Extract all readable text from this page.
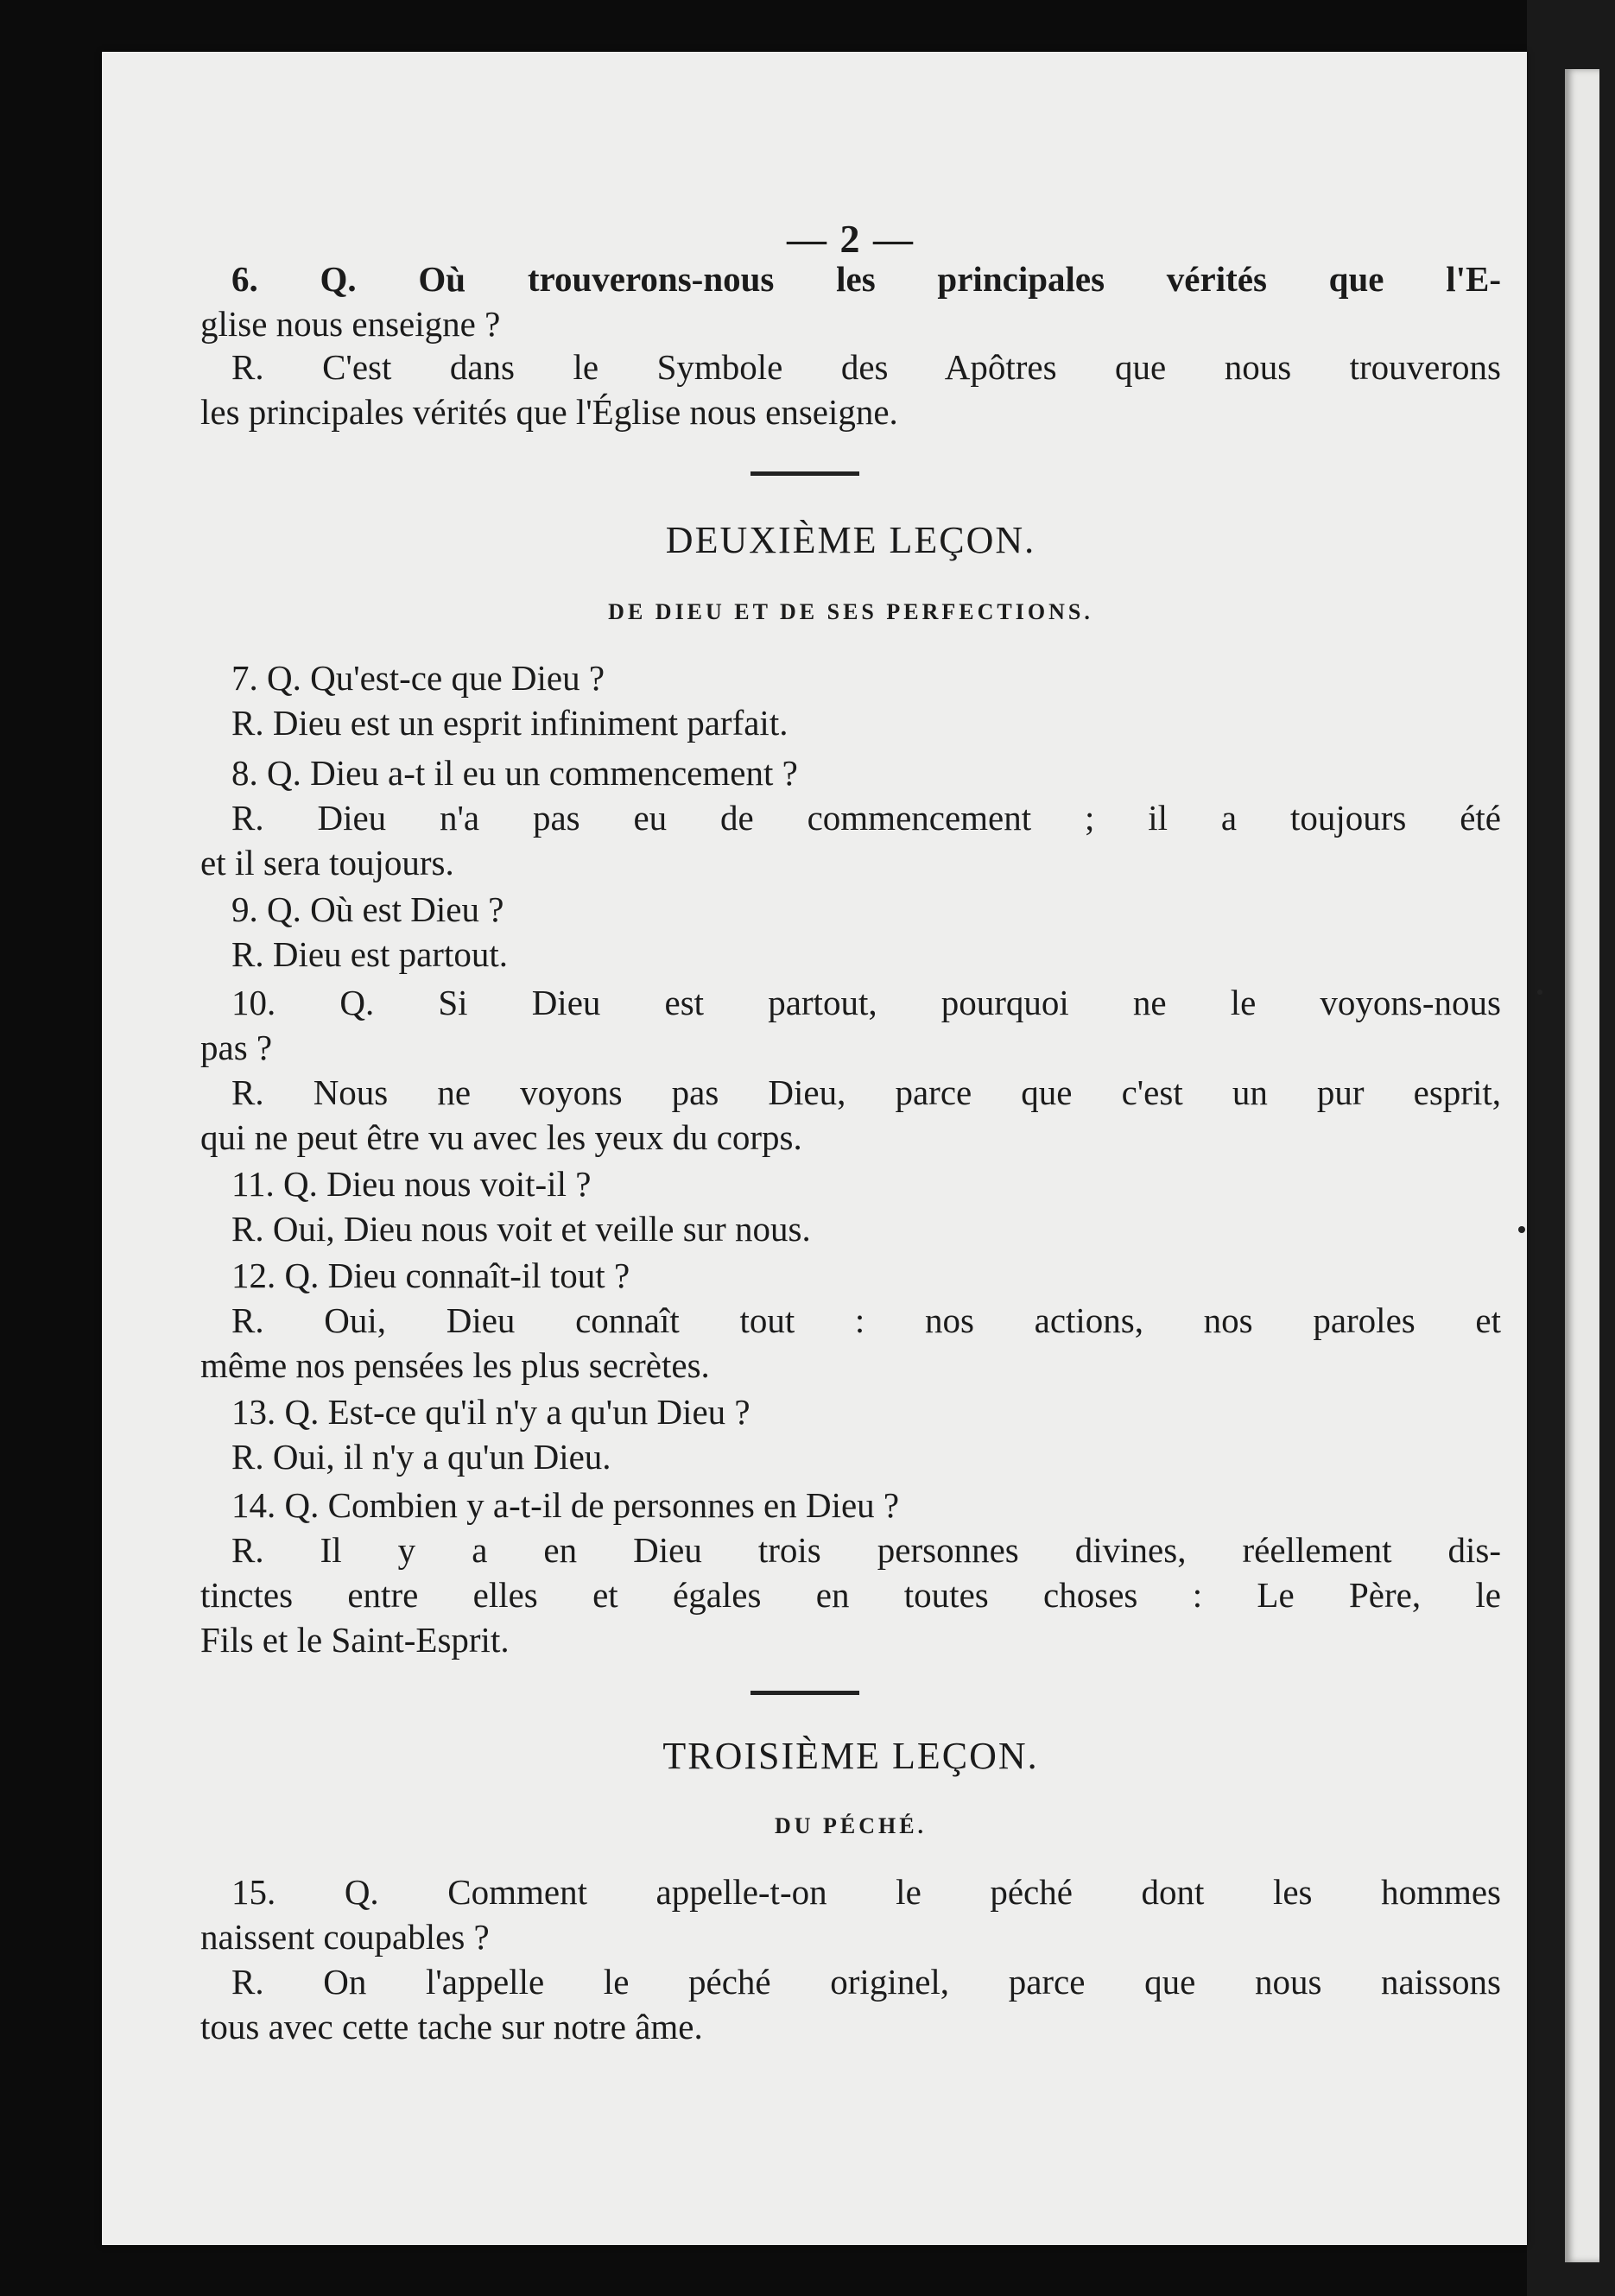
— 2 —
6. Q. Où trouverons-nous les principales vérités que l'E-
glise nous enseigne ?
R. C'est dans le Symbole des Apôtres que nous trouverons
les principales vérités que l'Église nous enseigne.
DEUXIÈME LEÇON.
DE DIEU ET DE SES PERFECTIONS.
7. Q. Qu'est-ce que Dieu ?
R. Dieu est un esprit infiniment parfait.
8. Q. Dieu a-t il eu un commencement ?
R. Dieu n'a pas eu de commencement ; il a toujours été
et il sera toujours.
9. Q. Où est Dieu ?
R. Dieu est partout.
10. Q. Si Dieu est partout, pourquoi ne le voyons-nous
pas ?
R. Nous ne voyons pas Dieu, parce que c'est un pur esprit,
qui ne peut être vu avec les yeux du corps.
11. Q. Dieu nous voit-il ?
R. Oui, Dieu nous voit et veille sur nous.
12. Q. Dieu connaît-il tout ?
R. Oui, Dieu connaît tout : nos actions, nos paroles et
même nos pensées les plus secrètes.
13. Q. Est-ce qu'il n'y a qu'un Dieu ?
R. Oui, il n'y a qu'un Dieu.
14. Q. Combien y a-t-il de personnes en Dieu ?
R. Il y a en Dieu trois personnes divines, réellement dis-
tinctes entre elles et égales en toutes choses : Le Père, le
Fils et le Saint-Esprit.
TROISIÈME LEÇON.
DU PÉCHÉ.
15. Q. Comment appelle-t-on le péché dont les hommes
naissent coupables ?
R. On l'appelle le péché originel, parce que nous naissons
tous avec cette tache sur notre âme.
